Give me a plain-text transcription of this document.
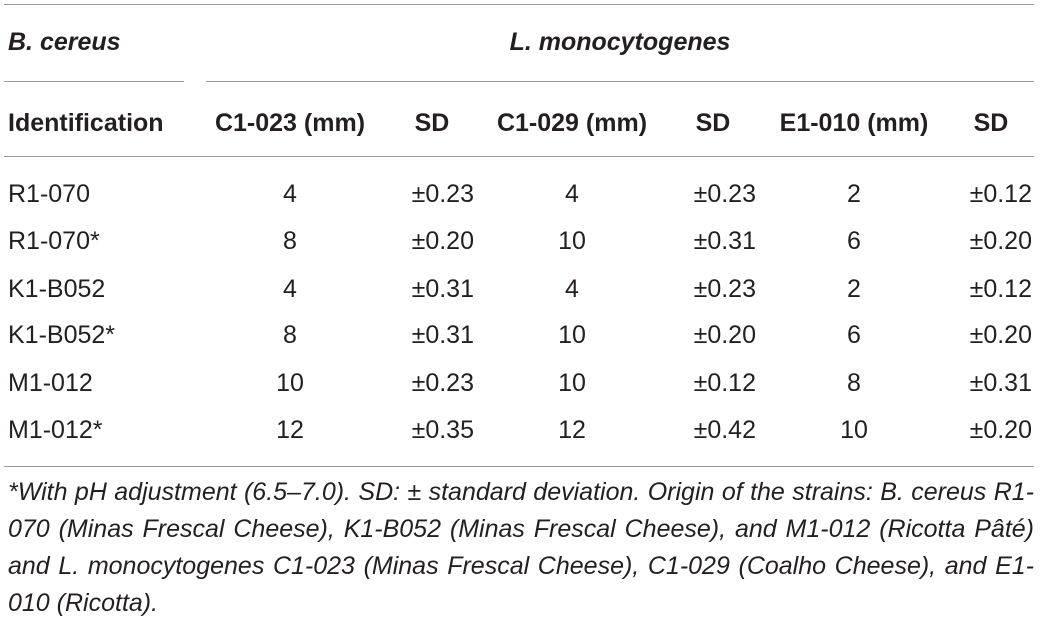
B. cereus	L. monocytogenes
Identification	C1-023 (mm)	SD	C1-029 (mm)	SD	E1-010 (mm)	SD
R1-070	4	±0.23	4	±0.23	2	±0.12
R1-070*	8	±0.20	10	±0.31	6	±0.20
K1-B052	4	±0.31	4	±0.23	2	±0.12
K1-B052*	8	±0.31	10	±0.20	6	±0.20
M1-012	10	±0.23	10	±0.12	8	±0.31
M1-012*	12	±0.35	12	±0.42	10	±0.20
*With pH adjustment (6.5–7.0). SD: ± standard deviation. Origin of the strains: B. cereus R1-070 (Minas Frescal Cheese), K1-B052 (Minas Frescal Cheese), and M1-012 (Ricotta Pâté) and L. monocytogenes C1-023 (Minas Frescal Cheese), C1-029 (Coalho Cheese), and E1-010 (Ricotta).
